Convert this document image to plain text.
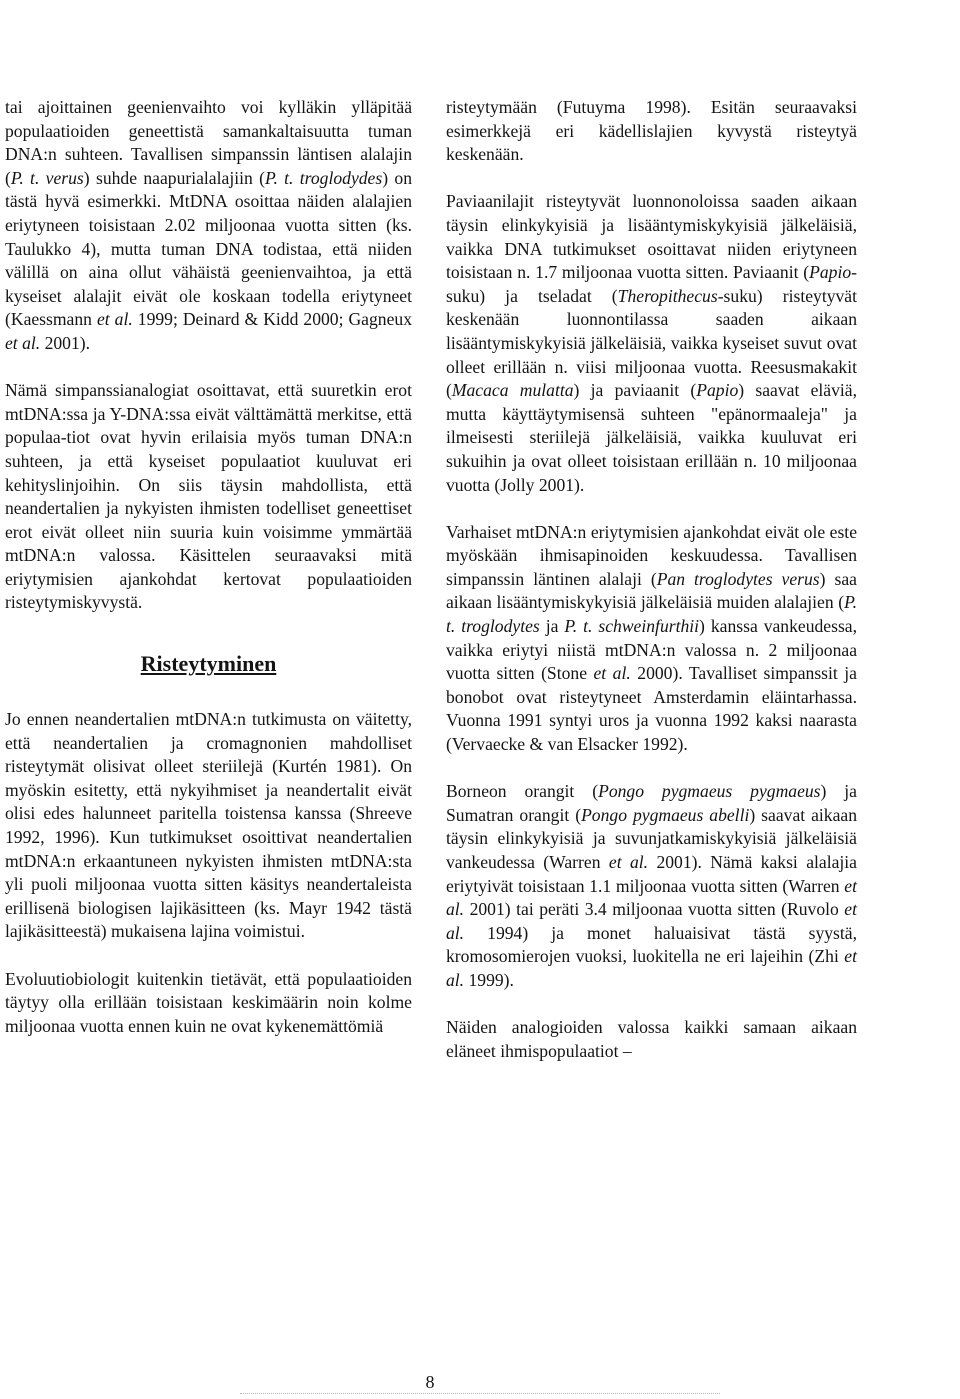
tai ajoittainen geenienvaihto voi kylläkin ylläpitää populaatioiden geneettistä samankaltaisuutta tuman DNA:n suhteen. Tavallisen simpanssin läntisen alalajin (P. t. verus) suhde naapurialalajiin (P. t. troglodydes) on tästä hyvä esimerkki. MtDNA osoittaa näiden alalajien eriytyneen toisistaan 2.02 miljoonaa vuotta sitten (ks. Taulukko 4), mutta tuman DNA todistaa, että niiden välillä on aina ollut vähäistä geenienvaihtoa, ja että kyseiset alalajit eivät ole koskaan todella eriytyneet (Kaessmann et al. 1999; Deinard & Kidd 2000; Gagneux et al. 2001).

Nämä simpanssianalogiat osoittavat, että suuretkin erot mtDNA:ssa ja Y-DNA:ssa eivät välttämättä merkitse, että populaa-tiot ovat hyvin erilaisia myös tuman DNA:n suhteen, ja että kyseiset populaatiot kuuluvat eri kehityslinjoihin. On siis täysin mahdollista, että neandertalien ja nykyisten ihmisten todelliset geneettiset erot eivät olleet niin suuria kuin voisimme ymmärtää mtDNA:n valossa. Käsittelen seuraavaksi mitä eriytymisien ajankohdat kertovat populaatioiden risteytymiskyvystä.

Risteytyminen

Jo ennen neandertalien mtDNA:n tutkimusta on väitetty, että neandertalien ja cromagnonien mahdolliset risteytymät olisivat olleet steriilejä (Kurtén 1981). On myöskin esitetty, että nykyihmiset ja neandertalit eivät olisi edes halunneet paritella toistensa kanssa (Shreeve 1992, 1996). Kun tutkimukset osoittivat neandertalien mtDNA:n erkaantuneen nykyisten ihmisten mtDNA:sta yli puoli miljoonaa vuotta sitten käsitys neandertaleista erillisenä biologisen lajikäsitteen (ks. Mayr 1942 tästä lajikäsitteestä) mukaisena lajina voimistui.

Evoluutiobiologit kuitenkin tietävät, että populaatioiden täytyy olla erillään toisistaan keskimäärin noin kolme miljoonaa vuotta ennen kuin ne ovat kykenemättömiä

risteytymään (Futuyma 1998). Esitän seuraavaksi esimerkkejä eri kädellislajien kyvystä risteytyä keskenään.

Paviaanilajit risteytyvät luonnonoloissa saaden aikaan täysin elinkykyisiä ja lisääntymiskykyisiä jälkeläisiä, vaikka DNA tutkimukset osoittavat niiden eriytyneen toisistaan n. 1.7 miljoonaa vuotta sitten. Paviaanit (Papio-suku) ja tseladat (Theropithecus-suku) risteytyvät keskenään luonnontilassa saaden aikaan lisääntymiskykyisiä jälkeläisiä, vaikka kyseiset suvut ovat olleet erillään n. viisi miljoonaa vuotta. Reesusmakakit (Macaca mulatta) ja paviaanit (Papio) saavat eläviä, mutta käyttäytymisensä suhteen "epänormaaleja" ja ilmeisesti steriilejä jälkeläisiä, vaikka kuuluvat eri sukuihin ja ovat olleet toisistaan erillään n. 10 miljoonaa vuotta (Jolly 2001).

Varhaiset mtDNA:n eriytymisien ajankohdat eivät ole este myöskään ihmisapinoiden keskuudessa. Tavallisen simpanssin läntinen alalaji (Pan troglodytes verus) saa aikaan lisääntymiskykyisiä jälkeläisiä muiden alalajien (P. t. troglodytes ja P. t. schweinfurthii) kanssa vankeudessa, vaikka eriytyi niistä mtDNA:n valossa n. 2 miljoonaa vuotta sitten (Stone et al. 2000). Tavalliset simpanssit ja bonobot ovat risteytyneet Amsterdamin eläintarhassa. Vuonna 1991 syntyi uros ja vuonna 1992 kaksi naarasta (Vervaecke & van Elsacker 1992).

Borneon orangit (Pongo pygmaeus pygmaeus) ja Sumatran orangit (Pongo pygmaeus abelli) saavat aikaan täysin elinkykyisiä ja suvunjatkamiskykyisiä jälkeläisiä vankeudessa (Warren et al. 2001). Nämä kaksi alalajia eriytyivät toisistaan 1.1 miljoonaa vuotta sitten (Warren et al. 2001) tai peräti 3.4 miljoonaa vuotta sitten (Ruvolo et al. 1994) ja monet haluaisivat tästä syystä, kromosomierojen vuoksi, luokitella ne eri lajeihin (Zhi et al. 1999).

Näiden analogioiden valossa kaikki samaan aikaan eläneet ihmispopulaatiot –

8
